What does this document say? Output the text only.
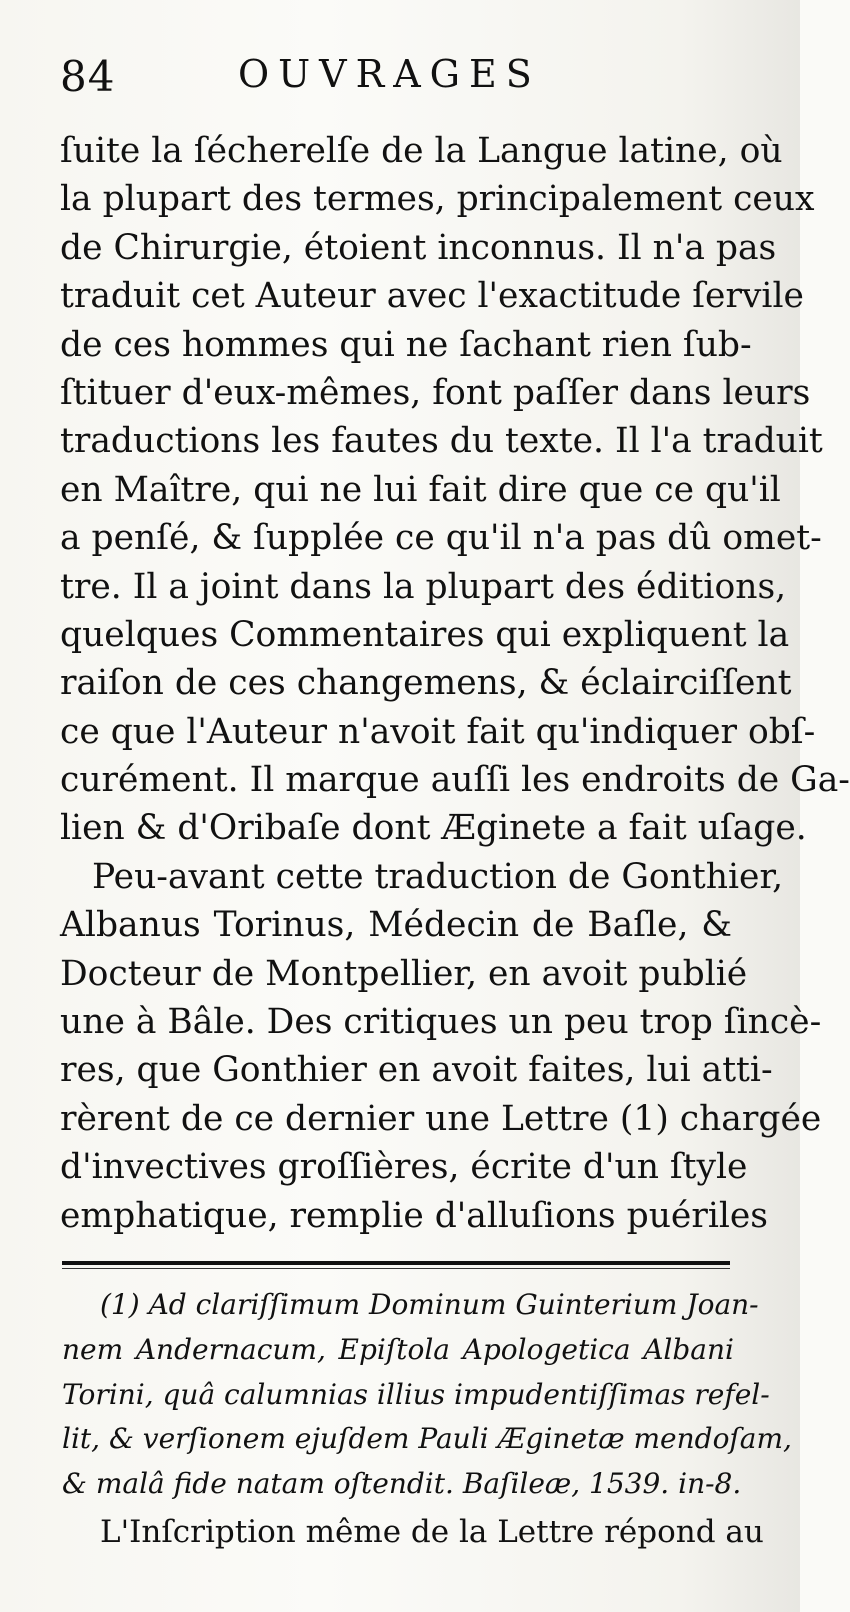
84	OUVRAGES
ſuite la ſécherelſe de la Langue latine, où
la plupart des termes, principalement ceux
de Chirurgie, étoient inconnus. Il n'a pas
traduit cet Auteur avec l'exactitude ſervile
de ces hommes qui ne ſachant rien ſub-
ſtituer d'eux-mêmes, font paſſer dans leurs
traductions les fautes du texte. Il l'a traduit
en Maître, qui ne lui fait dire que ce qu'il
a penſé, & ſupplée ce qu'il n'a pas dû omet-
tre. Il a joint dans la plupart des éditions,
quelques Commentaires qui expliquent la
raiſon de ces changemens, & éclairciſſent
ce que l'Auteur n'avoit fait qu'indiquer obſ-
curément. Il marque auſſi les endroits de Ga-
lien & d'Oribaſe dont Æginete a fait uſage.
Peu-avant cette traduction de Gonthier,
Albanus Torinus, Médecin de Baſle, &
Docteur de Montpellier, en avoit publié
une à Bâle. Des critiques un peu trop ſincè-
res, que Gonthier en avoit faites, lui atti-
rèrent de ce dernier une Lettre (1) chargée
d'invectives groſſières, écrite d'un ſtyle
emphatique, remplie d'alluſions puériles
(1) Ad clariſſimum Dominum Guinterium Joan-
nem Andernacum, Epiſtola Apologetica Albani
Torini, quâ calumnias illius impudentiſſimas refel-
lit, & verſionem ejuſdem Pauli Æginetæ mendoſam,
& malâ fide natam oſtendit. Baſileæ, 1539. in-8.
L'Inſcription même de la Lettre répond au
